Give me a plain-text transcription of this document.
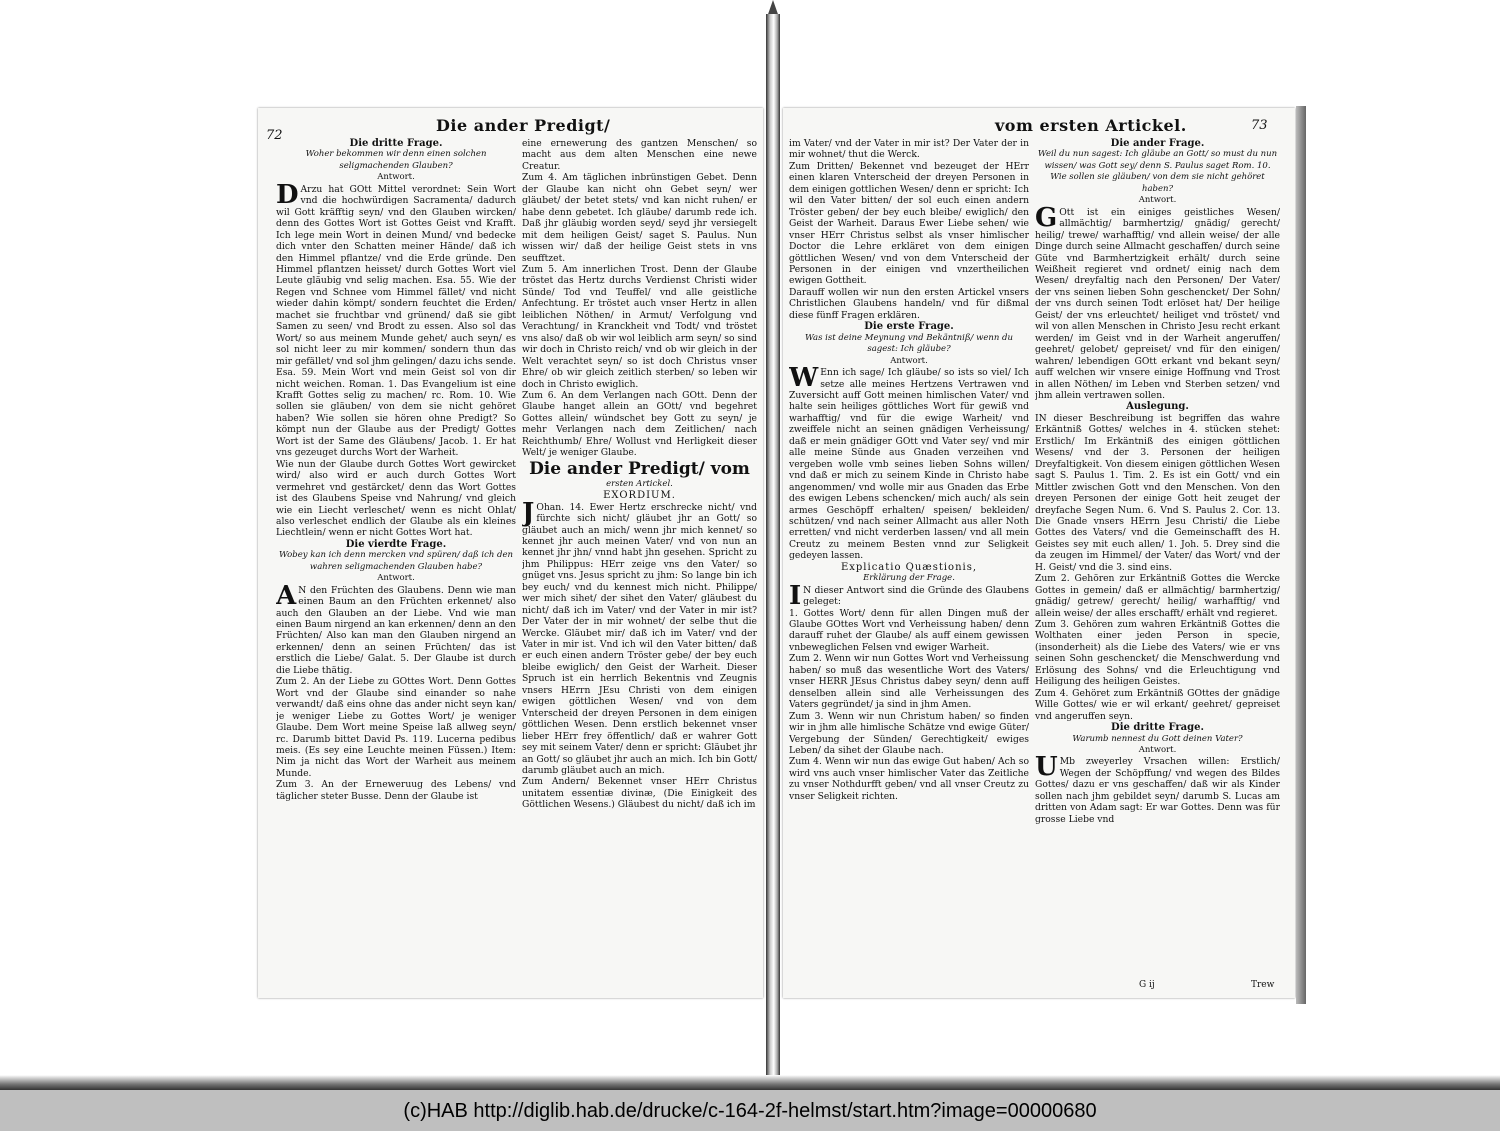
72
Die ander Predigt/

Die dritte Frage.

Woher bekommen wir denn einen solchen seligmachenden Glauben?

Antwort.

DArzu hat GOtt Mittel verordnet: Sein Wort vnd die hochwürdigen Sacramenta/ dadurch wil Gott kräfftig seyn/ vnd den Glauben wircken/ denn des Gottes Wort ist Gottes Geist vnd Krafft. Ich lege mein Wort in deinen Mund/ vnd bedecke dich vnter den Schatten meiner Hände/ daß ich den Himmel pflantze/ vnd die Erde gründe. Den Himmel pflantzen heisset/ durch Gottes Wort viel Leute gläubig vnd selig machen. Esa. 55. Wie der Regen vnd Schnee vom Himmel fället/ vnd nicht wieder dahin kömpt/ sondern feuchtet die Erden/ machet sie fruchtbar vnd grünend/ daß sie gibt Samen zu seen/ vnd Brodt zu essen. Also sol das Wort/ so aus meinem Munde gehet/ auch seyn/ es sol nicht leer zu mir kommen/ sondern thun das mir gefället/ vnd sol jhm gelingen/ dazu ichs sende. Esa. 59. Mein Wort vnd mein Geist sol von dir nicht weichen. Roman. 1. Das Evangelium ist eine Krafft Gottes selig zu machen/ rc. Rom. 10. Wie sollen sie gläuben/ von dem sie nicht gehöret haben? Wie sollen sie hören ohne Predigt? So kömpt nun der Glaube aus der Predigt/ Gottes Wort ist der Same des Gläubens/ Jacob. 1. Er hat vns gezeuget durchs Wort der Warheit.

Wie nun der Glaube durch Gottes Wort gewircket wird/ also wird er auch durch Gottes Wort vermehret vnd gestärcket/ denn das Wort Gottes ist des Glaubens Speise vnd Nahrung/ vnd gleich wie ein Liecht verleschet/ wenn es nicht Ohlat/ also verleschet endlich der Glaube als ein kleines Liechtlein/ wenn er nicht Gottes Wort hat.

Die vierdte Frage.

Wobey kan ich denn mercken vnd spüren/ daß ich den wahren seligmachenden Glauben habe?

Antwort.

AN den Früchten des Glaubens. Denn wie man einen Baum an den Früchten erkennet/ also auch den Glauben an der Liebe. Vnd wie man einen Baum nirgend an kan erkennen/ denn an den Früchten/ Also kan man den Glauben nirgend an erkennen/ denn an seinen Früchten/ das ist erstlich die Liebe/ Galat. 5. Der Glaube ist durch die Liebe thätig.

Zum 2. An der Liebe zu GOttes Wort. Denn Gottes Wort vnd der Glaube sind einander so nahe verwandt/ daß eins ohne das ander nicht seyn kan/ je weniger Liebe zu Gottes Wort/ je weniger Glaube. Dem Wort meine Speise laß allweg seyn/ rc. Darumb bittet David Ps. 119. Lucerna pedibus meis. (Es sey eine Leuchte meinen Füssen.) Item: Nim ja nicht das Wort der Warheit aus meinem Munde.

Zum 3. An der Erneweruug des Lebens/ vnd täglicher steter Busse. Denn der Glaube ist

eine ernewerung des gantzen Menschen/ so macht aus dem alten Menschen eine newe Creatur.

Zum 4. Am täglichen inbrünstigen Gebet. Denn der Glaube kan nicht ohn Gebet seyn/ wer gläubet/ der betet stets/ vnd kan nicht ruhen/ er habe denn gebetet. Ich gläube/ darumb rede ich. Daß jhr gläubig worden seyd/ seyd jhr versiegelt mit dem heiligen Geist/ saget S. Paulus. Nun wissen wir/ daß der heilige Geist stets in vns seufftzet.

Zum 5. Am innerlichen Trost. Denn der Glaube tröstet das Hertz durchs Verdienst Christi wider Sünde/ Tod vnd Teuffel/ vnd alle geistliche Anfechtung. Er tröstet auch vnser Hertz in allen leiblichen Nöthen/ in Armut/ Verfolgung vnd Verachtung/ in Kranckheit vnd Todt/ vnd tröstet vns also/ daß ob wir wol leiblich arm seyn/ so sind wir doch in Christo reich/ vnd ob wir gleich in der Welt verachtet seyn/ so ist doch Christus vnser Ehre/ ob wir gleich zeitlich sterben/ so leben wir doch in Christo ewiglich.

Zum 6. An dem Verlangen nach GOtt. Denn der Glaube hanget allein an GOtt/ vnd begehret Gottes allein/ wündschet bey Gott zu seyn/ je mehr Verlangen nach dem Zeitlichen/ nach Reichthumb/ Ehre/ Wollust vnd Herligkeit dieser Welt/ je weniger Glaube.

Die ander Predigt/ vom

ersten Artickel.

EXORDIUM.

JOhan. 14. Ewer Hertz erschrecke nicht/ vnd fürchte sich nicht/ gläubet jhr an Gott/ so gläubet auch an mich/ wenn jhr mich kennet/ so kennet jhr auch meinen Vater/ vnd von nun an kennet jhr jhn/ vnnd habt jhn gesehen. Spricht zu jhm Philippus: HErr zeige vns den Vater/ so gnüget vns. Jesus spricht zu jhm: So lange bin ich bey euch/ vnd du kennest mich nicht. Philippe/ wer mich sihet/ der sihet den Vater/ gläubest du nicht/ daß ich im Vater/ vnd der Vater in mir ist? Der Vater der in mir wohnet/ der selbe thut die Wercke. Gläubet mir/ daß ich im Vater/ vnd der Vater in mir ist. Vnd ich wil den Vater bitten/ daß er euch einen andern Tröster gebe/ der bey euch bleibe ewiglich/ den Geist der Warheit. Dieser Spruch ist ein herrlich Bekentnis vnd Zeugnis vnsers HErrn JEsu Christi von dem einigen ewigen göttlichen Wesen/ vnd von dem Vnterscheid der dreyen Personen in dem einigen göttlichen Wesen. Denn erstlich bekennet vnser lieber HErr frey öffentlich/ daß er wahrer Gott sey mit seinem Vater/ denn er spricht: Gläubet jhr an Gott/ so gläubet jhr auch an mich. Ich bin Gott/ darumb gläubet auch an mich.

Zum Andern/ Bekennet vnser HErr Christus unitatem essentiæ divinæ, (Die Einigkeit des Göttlichen Wesens.) Gläubest du nicht/ daß ich im

vom ersten Artickel.	73

im Vater/ vnd der Vater in mir ist? Der Vater der in mir wohnet/ thut die Werck.

Zum Dritten/ Bekennet vnd bezeuget der HErr einen klaren Vnterscheid der dreyen Personen in dem einigen gottlichen Wesen/ denn er spricht: Ich wil den Vater bitten/ der sol euch einen andern Tröster geben/ der bey euch bleibe/ ewiglich/ den Geist der Warheit. Daraus Ewer Liebe sehen/ wie vnser HErr Christus selbst als vnser himlischer Doctor die Lehre erkläret von dem einigen göttlichen Wesen/ vnd von dem Vnterscheid der Personen in der einigen vnd vnzertheilichen ewigen Gottheit.

Darauff wollen wir nun den ersten Artickel vnsers Christlichen Glaubens handeln/ vnd für dißmal diese fünff Fragen erklären.

Die erste Frage.

Was ist deine Meynung vnd Bekäntniß/ wenn du sagest: Ich gläube?

Antwort.

WEnn ich sage/ Ich gläube/ so ists so viel/ Ich setze alle meines Hertzens Vertrawen vnd Zuversicht auff Gott meinen himlischen Vater/ vnd halte sein heiliges göttliches Wort für gewiß vnd warhafftig/ vnd für die ewige Warheit/ vnd zweiffele nicht an seinen gnädigen Verheissung/ daß er mein gnädiger GOtt vnd Vater sey/ vnd mir alle meine Sünde aus Gnaden verzeihen vnd vergeben wolle vmb seines lieben Sohns willen/ vnd daß er mich zu seinem Kinde in Christo habe angenommen/ vnd wolle mir aus Gnaden das Erbe des ewigen Lebens schencken/ mich auch/ als sein armes Geschöpff erhalten/ speisen/ bekleiden/ schützen/ vnd nach seiner Allmacht aus aller Noth erretten/ vnd nicht verderben lassen/ vnd all mein Creutz zu meinem Besten vnnd zur Seligkeit gedeyen lassen.

Explicatio Quæstionis,

Erklärung der Frage.

IN dieser Antwort sind die Gründe des Glaubens geleget:

1. Gottes Wort/ denn für allen Dingen muß der Glaube GOttes Wort vnd Verheissung haben/ denn darauff ruhet der Glaube/ als auff einem gewissen vnbeweglichen Felsen vnd ewiger Warheit.

Zum 2. Wenn wir nun Gottes Wort vnd Verheissung haben/ so muß das wesentliche Wort des Vaters/ vnser HERR JEsus Christus dabey seyn/ denn auff denselben allein sind alle Verheissungen des Vaters gegründet/ ja sind in jhm Amen.

Zum 3. Wenn wir nun Christum haben/ so finden wir in jhm alle himlische Schätze vnd ewige Güter/ Vergebung der Sünden/ Gerechtigkeit/ ewiges Leben/ da sihet der Glaube nach.

Zum 4. Wenn wir nun das ewige Gut haben/ Ach so wird vns auch vnser himlischer Vater das Zeitliche zu vnser Nothdurfft geben/ vnd all vnser Creutz zu vnser Seligkeit richten.

Die ander Frage.

Weil du nun sagest: Ich gläube an Gott/ so must du nun wissen/ was Gott sey/ denn S. Paulus saget Rom. 10. Wie sollen sie gläuben/ von dem sie nicht gehöret haben?

Antwort.

GOtt ist ein einiges geistliches Wesen/ allmächtig/ barmhertzig/ gnädig/ gerecht/ heilig/ trewe/ warhafftig/ vnd allein weise/ der alle Dinge durch seine Allmacht geschaffen/ durch seine Güte vnd Barmhertzigkeit erhält/ durch seine Weißheit regieret vnd ordnet/ einig nach dem Wesen/ dreyfaltig nach den Personen/ Der Vater/ der vns seinen lieben Sohn geschencket/ Der Sohn/ der vns durch seinen Todt erlöset hat/ Der heilige Geist/ der vns erleuchtet/ heiliget vnd tröstet/ vnd wil von allen Menschen in Christo Jesu recht erkant werden/ im Geist vnd in der Warheit angeruffen/ geehret/ gelobet/ gepreiset/ vnd für den einigen/ wahren/ lebendigen GOtt erkant vnd bekant seyn/ auff welchen wir vnsere einige Hoffnung vnd Trost in allen Nöthen/ im Leben vnd Sterben setzen/ vnd jhm allein vertrawen sollen.

Auslegung.

IN dieser Beschreibung ist begriffen das wahre Erkäntniß Gottes/ welches in 4. stücken stehet: Erstlich/ Im Erkäntniß des einigen göttlichen Wesens/ vnd der 3. Personen der heiligen Dreyfaltigkeit. Von diesem einigen göttlichen Wesen sagt S. Paulus 1. Tim. 2. Es ist ein Gott/ vnd ein Mittler zwischen Gott vnd den Menschen. Von den dreyen Personen der einige Gott heit zeuget der dreyfache Segen Num. 6. Vnd S. Paulus 2. Cor. 13. Die Gnade vnsers HErrn Jesu Christi/ die Liebe Gottes des Vaters/ vnd die Gemeinschafft des H. Geistes sey mit euch allen/ 1. Joh. 5. Drey sind die da zeugen im Himmel/ der Vater/ das Wort/ vnd der H. Geist/ vnd die 3. sind eins.

Zum 2. Gehören zur Erkäntniß Gottes die Wercke Gottes in gemein/ daß er allmächtig/ barmhertzig/ gnädig/ getrew/ gerecht/ heilig/ warhafftig/ vnd allein weise/ der alles erschafft/ erhält vnd regieret.

Zum 3. Gehören zum wahren Erkäntniß Gottes die Wolthaten einer jeden Person in specie, (insonderheit) als die Liebe des Vaters/ wie er vns seinen Sohn geschencket/ die Menschwerdung vnd Erlösung des Sohns/ vnd die Erleuchtigung vnd Heiligung des heiligen Geistes.

Zum 4. Gehöret zum Erkäntniß GOttes der gnädige Wille Gottes/ wie er wil erkant/ geehret/ gepreiset vnd angeruffen seyn.

Die dritte Frage.

Warumb nennest du Gott deinen Vater?

Antwort.

UMb zweyerley Vrsachen willen: Erstlich/ Wegen der Schöpffung/ vnd wegen des Bildes Gottes/ dazu er vns geschaffen/ daß wir als Kinder sollen nach jhm gebildet seyn/ darumb S. Lucas am dritten von Adam sagt: Er war Gottes. Denn was für grosse Liebe vnd

G ij	Trew
(c)HAB http://diglib.hab.de/drucke/c-164-2f-helmst/start.htm?image=00000680
